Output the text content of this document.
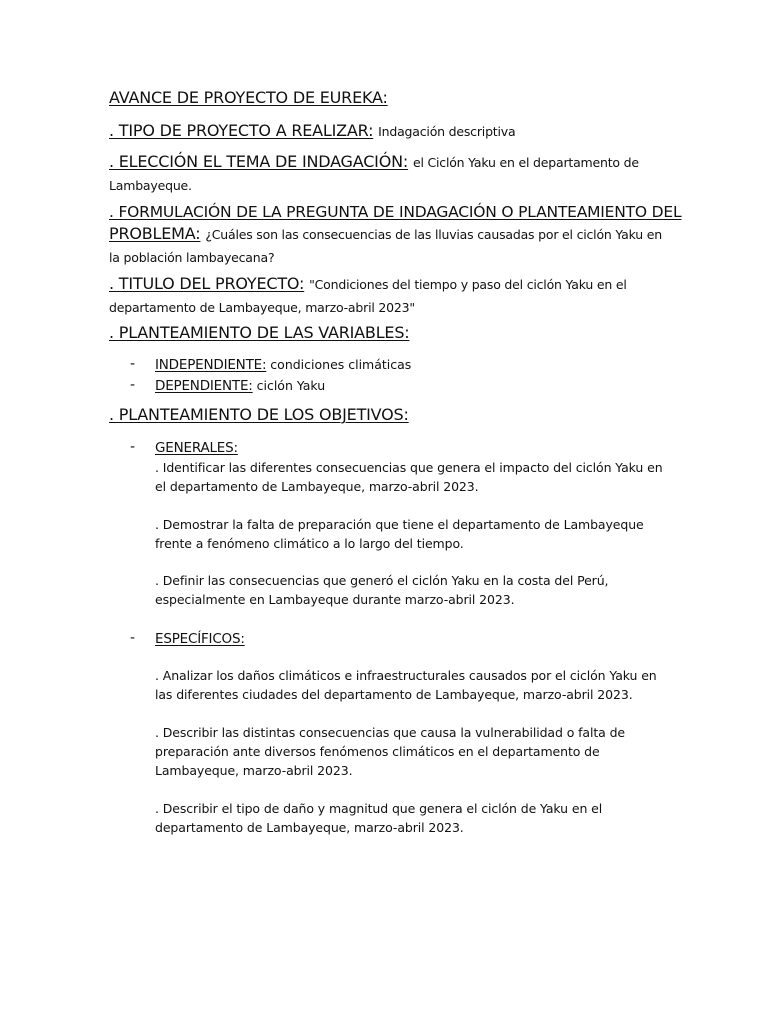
AVANCE DE PROYECTO DE EUREKA:
. TIPO DE PROYECTO A REALIZAR: Indagación descriptiva
. ELECCIÓN EL TEMA DE INDAGACIÓN: el Ciclón Yaku en el departamento de Lambayeque.
. FORMULACIÓN DE LA PREGUNTA DE INDAGACIÓN O PLANTEAMIENTO DEL
PROBLEMA: ¿Cuáles son las consecuencias de las lluvias causadas por el ciclón Yaku en la población lambayecana?
. TITULO DEL PROYECTO: "Condiciones del tiempo y paso del ciclón Yaku en el departamento de Lambayeque, marzo-abril 2023"
. PLANTEAMIENTO DE LAS VARIABLES:
- INDEPENDIENTE: condiciones climáticas
- DEPENDIENTE: ciclón Yaku
. PLANTEAMIENTO DE LOS OBJETIVOS:
- GENERALES:
. Identificar las diferentes consecuencias que genera el impacto del ciclón Yaku en el departamento de Lambayeque, marzo-abril 2023.
. Demostrar la falta de preparación que tiene el departamento de Lambayeque frente a fenómeno climático a lo largo del tiempo.
. Definir las consecuencias que generó el ciclón Yaku en la costa del Perú, especialmente en Lambayeque durante marzo-abril 2023.
- ESPECÍFICOS:
. Analizar los daños climáticos e infraestructurales causados por el ciclón Yaku en las diferentes ciudades del departamento de Lambayeque, marzo-abril 2023.
. Describir las distintas consecuencias que causa la vulnerabilidad o falta de preparación ante diversos fenómenos climáticos en el departamento de Lambayeque, marzo-abril 2023.
. Describir el tipo de daño y magnitud que genera el ciclón de Yaku en el departamento de Lambayeque, marzo-abril 2023.
